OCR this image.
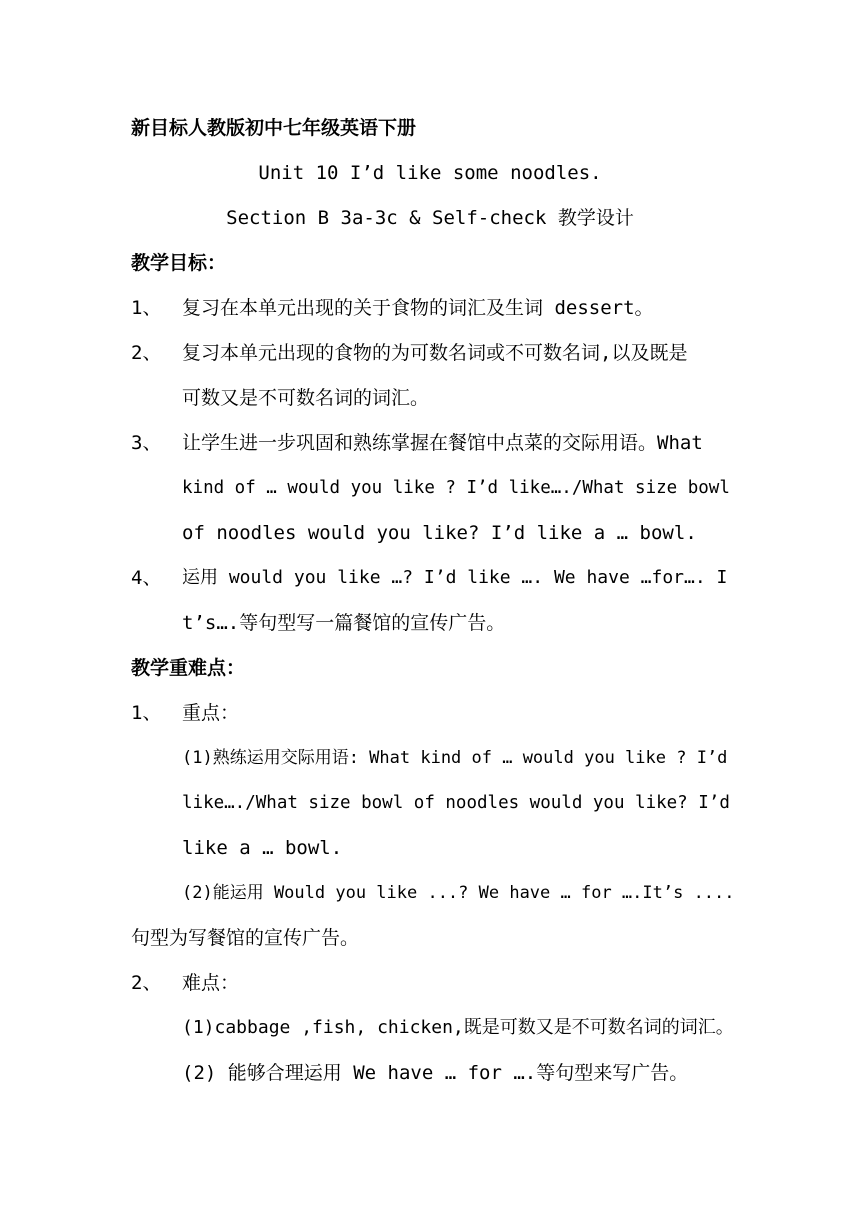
新目标人教版初中七年级英语下册
Unit 10 I’d like some noodles.
Section B 3a-3c & Self-check 教学设计
教学目标：
1、 复习在本单元出现的关于食物的词汇及生词 dessert。
2、 复习本单元出现的食物的为可数名词或不可数名词,以及既是
可数又是不可数名词的词汇。
3、 让学生进一步巩固和熟练掌握在餐馆中点菜的交际用语。What
kind of … would you like ? I’d like…./What size bowl
of noodles would you like? I’d like a … bowl.
4、 运用 would you like …? I’d like …. We have …for…. I
t’s….等句型写一篇餐馆的宣传广告。
教学重难点：
1、 重点：
(1)熟练运用交际用语: What kind of … would you like ? I’d
like…./What size bowl of noodles would you like? I’d
like a … bowl.
(2)能运用 Would you like ...? We have … for ….It’s ....
句型为写餐馆的宣传广告。
2、 难点：
(1)cabbage ,fish, chicken,既是可数又是不可数名词的词汇。
(2) 能够合理运用 We have … for ….等句型来写广告。
